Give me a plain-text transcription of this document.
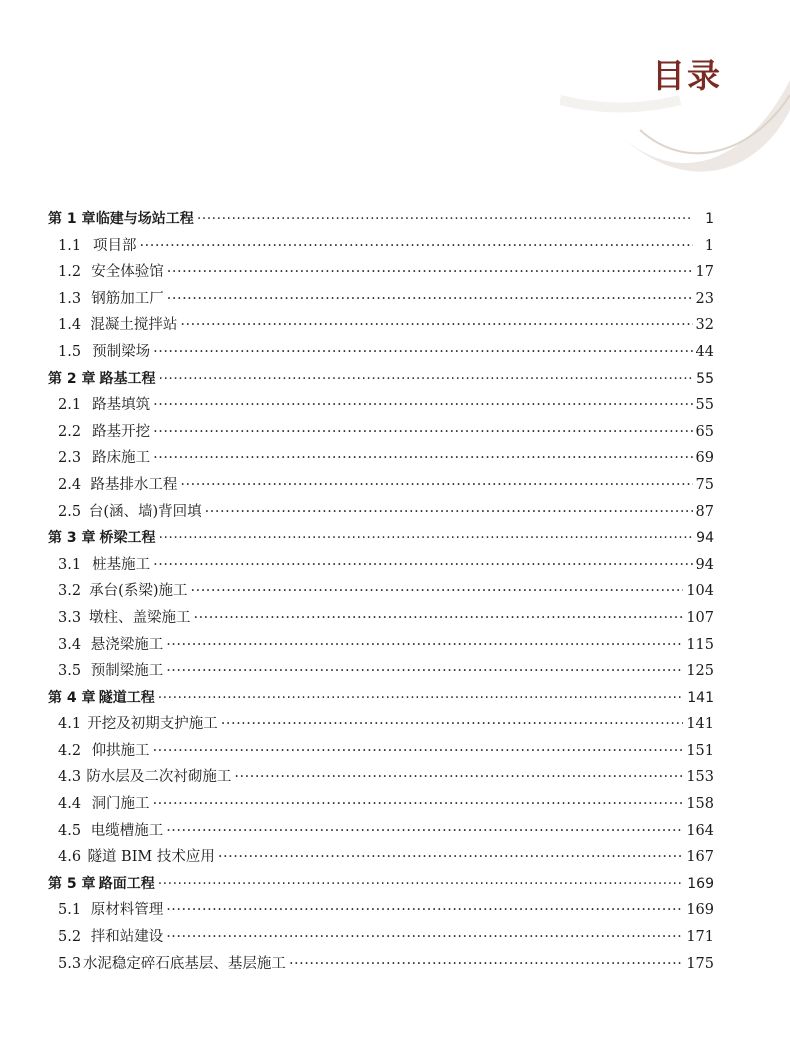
目录
第 1 章 临建与场站工程 ·····	1
1.1 项目部 ·····	1
1.2 安全体验馆 ·····	17
1.3 钢筋加工厂 ·····	23
1.4 混凝土搅拌站 ·····	32
1.5 预制梁场 ·····	44
第 2 章 路基工程 ·····	55
2.1 路基填筑 ·····	55
2.2 路基开挖 ·····	65
2.3 路床施工 ·····	69
2.4 路基排水工程 ·····	75
2.5 台(涵、墙)背回填 ·····	87
第 3 章 桥梁工程 ·····	94
3.1 桩基施工 ·····	94
3.2 承台(系梁)施工 ·····	104
3.3 墩柱、盖梁施工 ·····	107
3.4 悬浇梁施工 ·····	115
3.5 预制梁施工 ·····	125
第 4 章 隧道工程 ·····	141
4.1 开挖及初期支护施工 ·····	141
4.2 仰拱施工 ·····	151
4.3 防水层及二次衬砌施工 ·····	153
4.4 洞门施工 ·····	158
4.5 电缆槽施工 ·····	164
4.6 隧道 BIM 技术应用 ·····	167
第 5 章 路面工程 ·····	169
5.1 原材料管理 ·····	169
5.2 拌和站建设 ·····	171
5.3 水泥稳定碎石底基层、基层施工 ·····	175
